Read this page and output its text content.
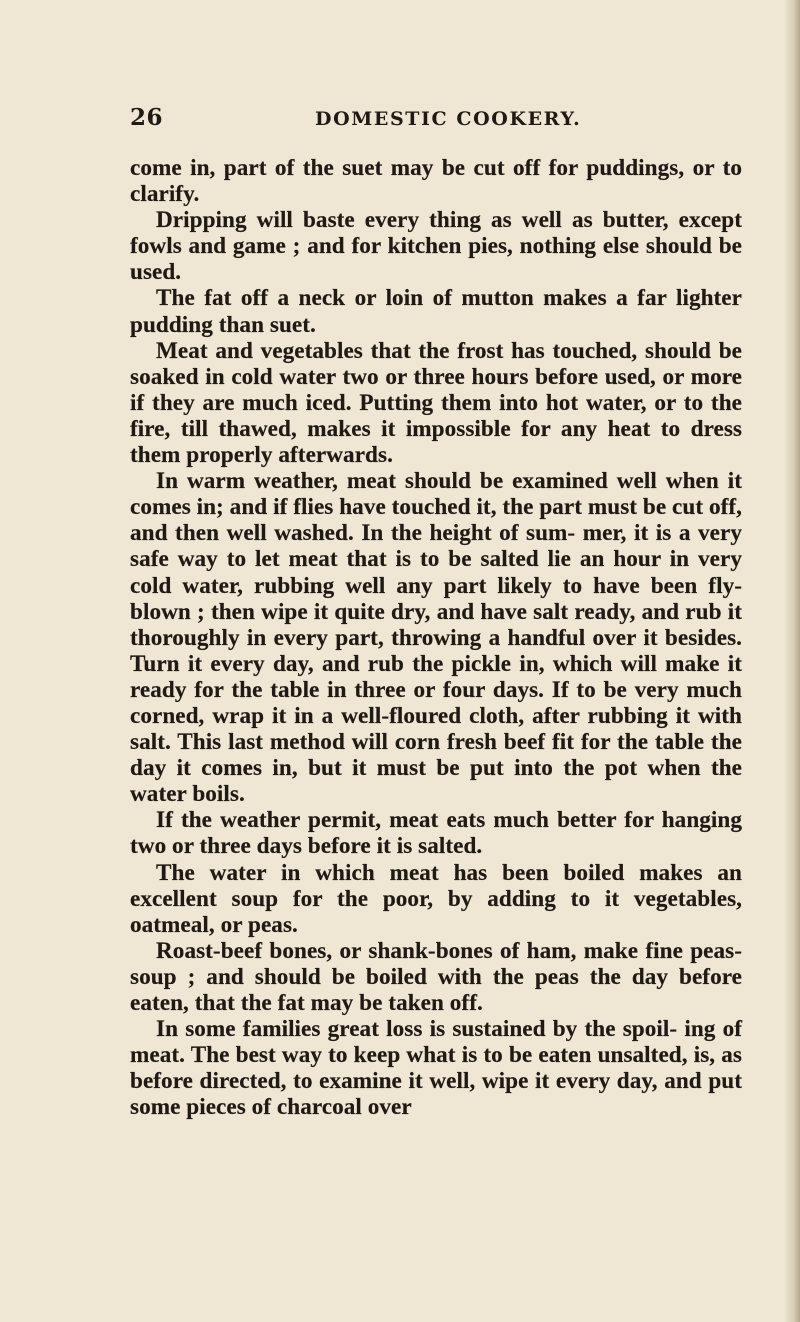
26	DOMESTIC COOKERY.

come in, part of the suet may be cut off for puddings, or to clarify.

Dripping will baste every thing as well as butter, except fowls and game ; and for kitchen pies, nothing else should be used.

The fat off a neck or loin of mutton makes a far lighter pudding than suet.

Meat and vegetables that the frost has touched, should be soaked in cold water two or three hours before used, or more if they are much iced. Putting them into hot water, or to the fire, till thawed, makes it impossible for any heat to dress them properly afterwards.

In warm weather, meat should be examined well when it comes in; and if flies have touched it, the part must be cut off, and then well washed. In the height of sum- mer, it is a very safe way to let meat that is to be salted lie an hour in very cold water, rubbing well any part likely to have been fly-blown ; then wipe it quite dry, and have salt ready, and rub it thoroughly in every part, throwing a handful over it besides. Turn it every day, and rub the pickle in, which will make it ready for the table in three or four days. If to be very much corned, wrap it in a well-floured cloth, after rubbing it with salt. This last method will corn fresh beef fit for the table the day it comes in, but it must be put into the pot when the water boils.

If the weather permit, meat eats much better for hanging two or three days before it is salted.

The water in which meat has been boiled makes an excellent soup for the poor, by adding to it vegetables, oatmeal, or peas.

Roast-beef bones, or shank-bones of ham, make fine peas-soup ; and should be boiled with the peas the day before eaten, that the fat may be taken off.

In some families great loss is sustained by the spoil- ing of meat. The best way to keep what is to be eaten unsalted, is, as before directed, to examine it well, wipe it every day, and put some pieces of charcoal over
